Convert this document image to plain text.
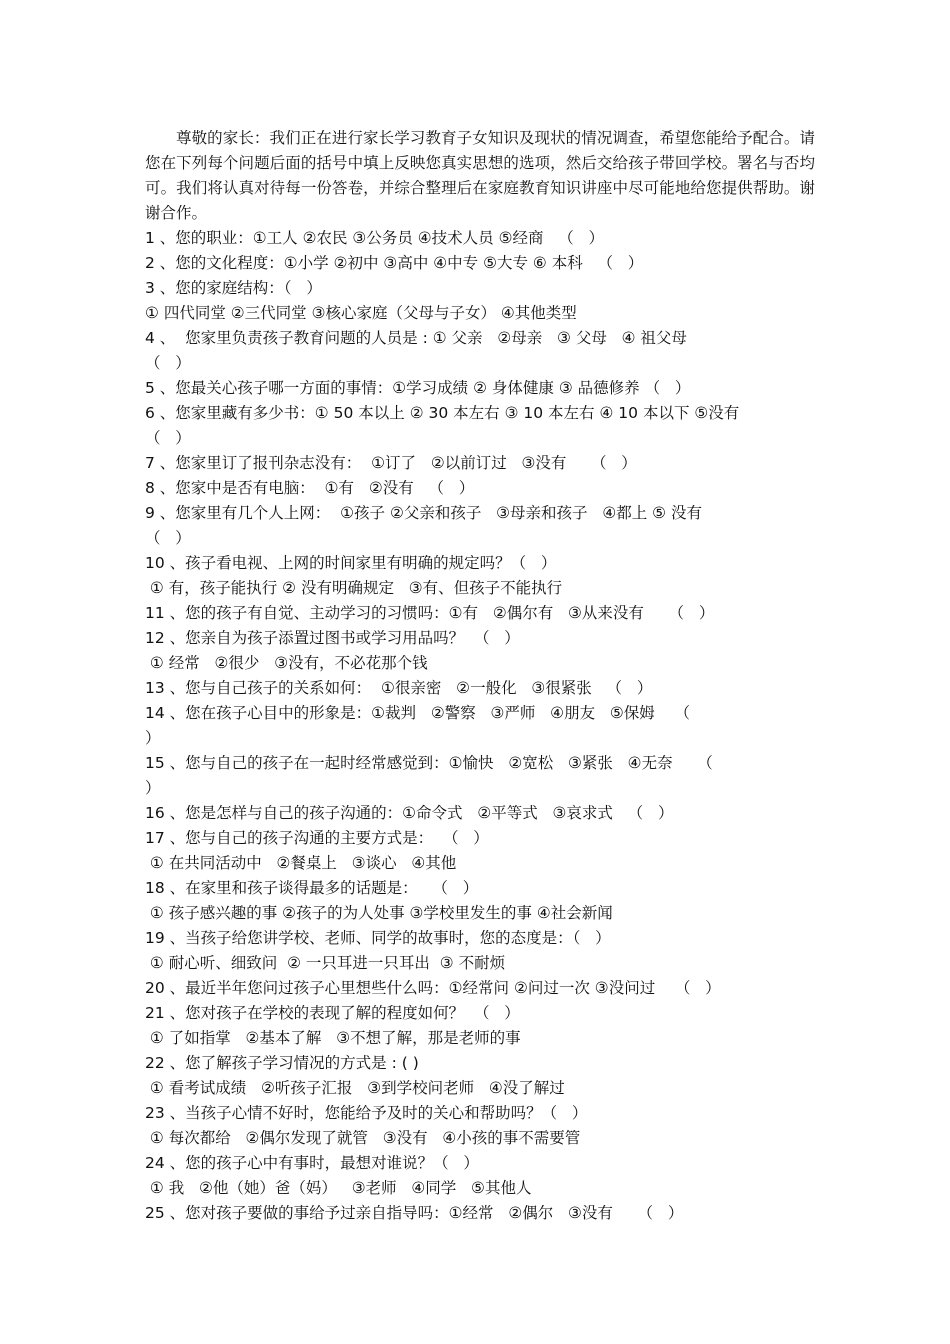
尊敬的家长：我们正在进行家长学习教育子女知识及现状的情况调查，希望您能给予配合。请您在下列每个问题后面的括号中填上反映您真实思想的选项，然后交给孩子带回学校。署名与否均可。我们将认真对待每一份答卷，并综合整理后在家庭教育知识讲座中尽可能地给您提供帮助。谢谢合作。

1 、您的职业：①工人 ②农民 ③公务员 ④技术人员 ⑤经商   （   ）
2 、您的文化程度：①小学 ②初中 ③高中 ④中专 ⑤大专 ⑥ 本科   （   ）
3 、您的家庭结构：（   ）
① 四代同堂 ②三代同堂 ③核心家庭（父母与子女） ④其他类型
4 、  您家里负责孩子教育问题的人员是 : ① 父亲   ②母亲   ③ 父母   ④ 祖父母
（   ）
5 、您最关心孩子哪一方面的事情：①学习成绩 ② 身体健康 ③ 品德修养 （   ）
6 、您家里藏有多少书：① 50 本以上 ② 30 本左右 ③ 10 本左右 ④ 10 本以下 ⑤没有
（   ）
7 、您家里订了报刊杂志没有：  ①订了   ②以前订过   ③没有     （   ）
8 、您家中是否有电脑：  ①有   ②没有   （   ）
9 、您家里有几个人上网：  ①孩子 ②父亲和孩子   ③母亲和孩子   ④都上 ⑤ 没有
（   ）
10 、孩子看电视、上网的时间家里有明确的规定吗？（   ）
① 有，孩子能执行 ② 没有明确规定   ③有、但孩子不能执行
11 、您的孩子有自觉、主动学习的习惯吗：①有   ②偶尔有   ③从来没有     （   ）
12 、您亲自为孩子添置过图书或学习用品吗？  （   ）
① 经常   ②很少   ③没有，不必花那个钱
13 、您与自己孩子的关系如何：  ①很亲密   ②一般化   ③很紧张   （   ）
14 、您在孩子心目中的形象是：①裁判   ②警察   ③严师   ④朋友   ⑤保姆    （
）
15 、您与自己的孩子在一起时经常感觉到：①愉快   ②宽松   ③紧张   ④无奈     （
）
16 、您是怎样与自己的孩子沟通的：①命令式   ②平等式   ③哀求式   （   ）
17 、您与自己的孩子沟通的主要方式是：  （   ）
① 在共同活动中   ②餐桌上   ③谈心   ④其他
18 、在家里和孩子谈得最多的话题是：   （   ）
① 孩子感兴趣的事 ②孩子的为人处事 ③学校里发生的事 ④社会新闻
19 、当孩子给您讲学校、老师、同学的故事时，您的态度是：（   ）
① 耐心听、细致问  ② 一只耳进一只耳出  ③ 不耐烦
20 、最近半年您问过孩子心里想些什么吗：①经常问 ②问过一次 ③没问过    （   ）
21 、您对孩子在学校的表现了解的程度如何？  （   ）
① 了如指掌   ②基本了解   ③不想了解，那是老师的事
22 、您了解孩子学习情况的方式是 : ( )
① 看考试成绩   ②听孩子汇报   ③到学校问老师   ④没了解过
23 、当孩子心情不好时，您能给予及时的关心和帮助吗？（   ）
① 每次都给   ②偶尔发现了就管   ③没有   ④小孩的事不需要管
24 、您的孩子心中有事时，最想对谁说？（   ）
① 我   ②他（她）爸（妈）   ③老师   ④同学   ⑤其他人
25 、您对孩子要做的事给予过亲自指导吗：①经常   ②偶尔   ③没有     （   ）
